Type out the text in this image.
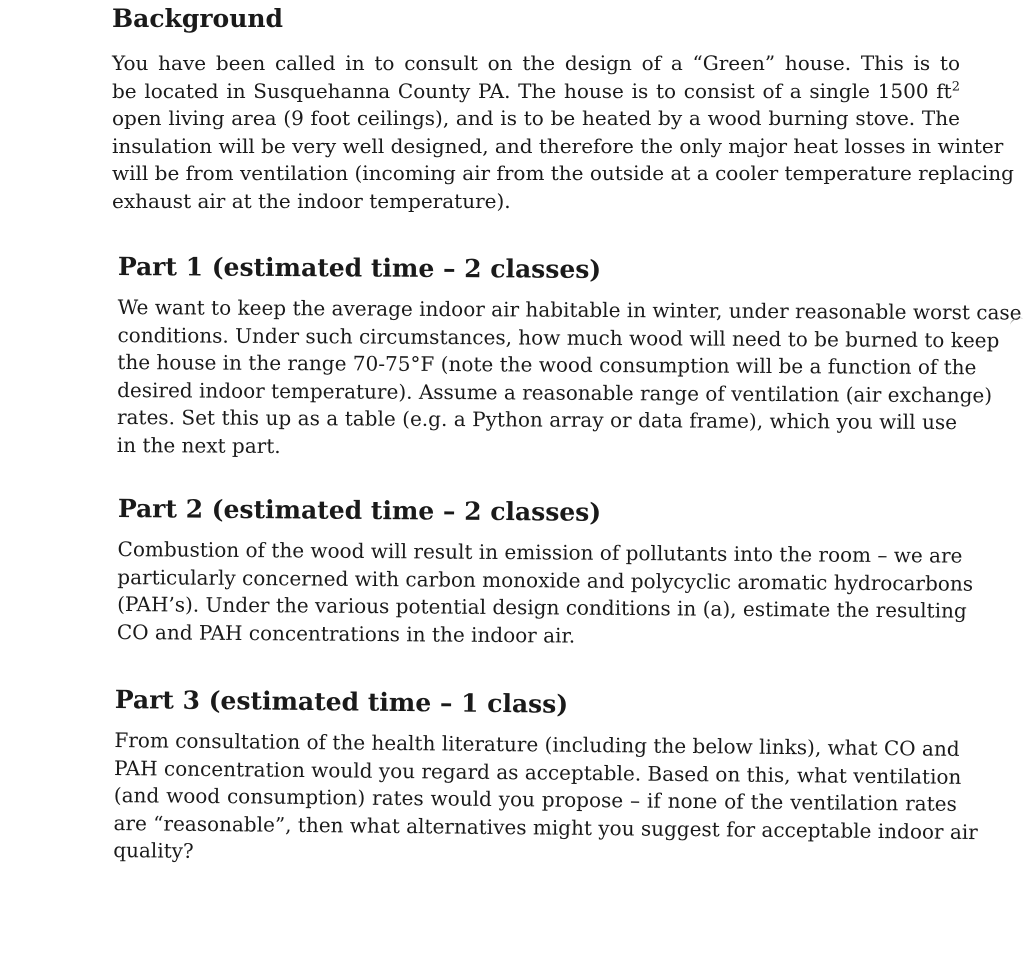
Background

You have been called in to consult on the design of a “Green” house. This is to
be located in Susquehanna County PA. The house is to consist of a single 1500 $ft^2$
open living area (9 foot ceilings), and is to be heated by a wood burning stove. The
insulation will be very well designed, and therefore the only major heat losses in winter
will be from ventilation (incoming air from the outside at a cooler temperature replacing
exhaust air at the indoor temperature).

Part 1 (estimated time – 2 classes)

We want to keep the average indoor air habitable in winter, under reasonable worst case
conditions. Under such circumstances, how much wood will need to be burned to keep
the house in the range 70-75°F (note the wood consumption will be a function of the
desired indoor temperature). Assume a reasonable range of ventilation (air exchange)
rates. Set this up as a table (e.g. a Python array or data frame), which you will use
in the next part.

Part 2 (estimated time – 2 classes)

Combustion of the wood will result in emission of pollutants into the room – we are
particularly concerned with carbon monoxide and polycyclic aromatic hydrocarbons
(PAH’s). Under the various potential design conditions in (a), estimate the resulting
CO and PAH concentrations in the indoor air.

Part 3 (estimated time – 1 class)

From consultation of the health literature (including the below links), what CO and
PAH concentration would you regard as acceptable. Based on this, what ventilation
(and wood consumption) rates would you propose – if none of the ventilation rates
are “reasonable”, then what alternatives might you suggest for acceptable indoor air
quality?
